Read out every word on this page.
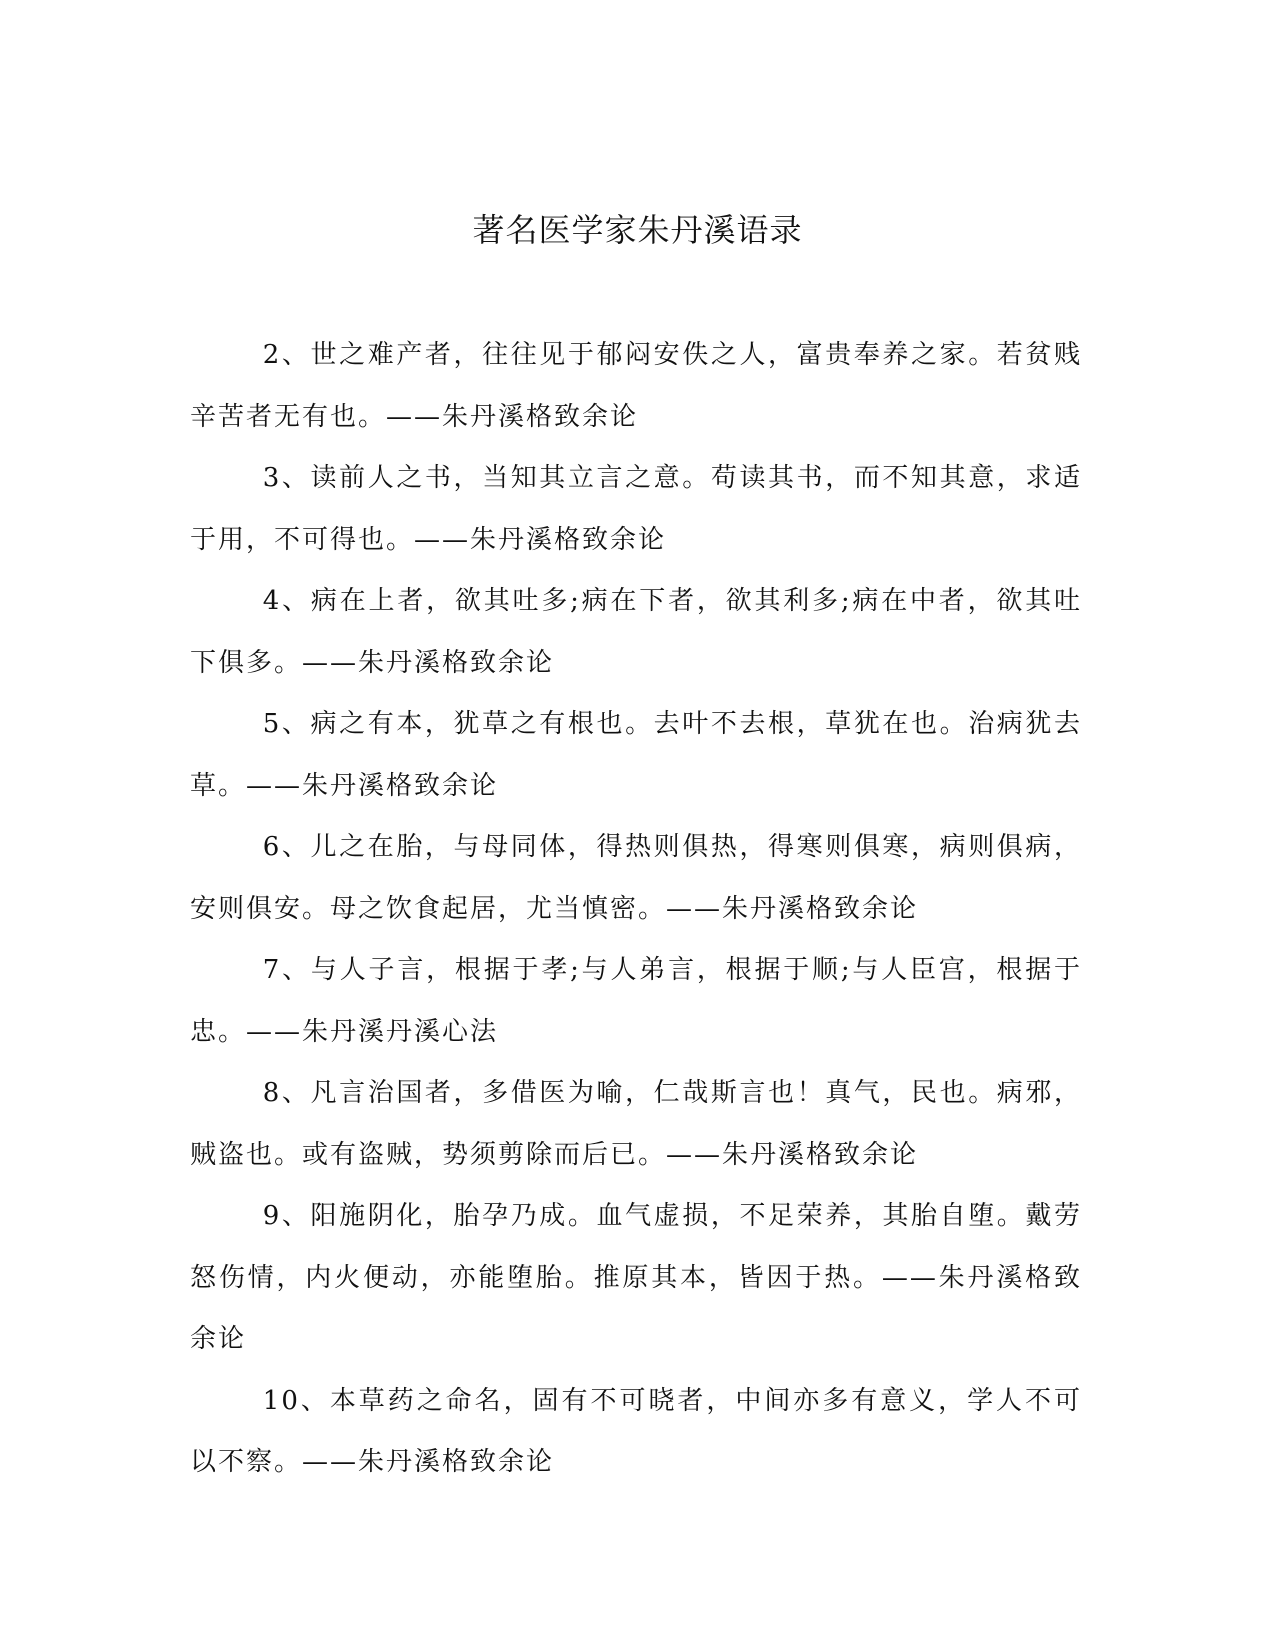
著名医学家朱丹溪语录

2、世之难产者，往往见于郁闷安佚之人，富贵奉养之家。若贫贱辛苦者无有也。——朱丹溪格致余论

3、读前人之书，当知其立言之意。苟读其书，而不知其意，求适于用，不可得也。——朱丹溪格致余论

4、病在上者，欲其吐多;病在下者，欲其利多;病在中者，欲其吐下俱多。——朱丹溪格致余论

5、病之有本，犹草之有根也。去叶不去根，草犹在也。治病犹去草。——朱丹溪格致余论

6、儿之在胎，与母同体，得热则俱热，得寒则俱寒，病则俱病，安则俱安。母之饮食起居，尤当慎密。——朱丹溪格致余论

7、与人子言，根据于孝;与人弟言，根据于顺;与人臣宫，根据于忠。——朱丹溪丹溪心法

8、凡言治国者，多借医为喻，仁哉斯言也！真气，民也。病邪，贼盗也。或有盗贼，势须剪除而后已。——朱丹溪格致余论

9、阳施阴化，胎孕乃成。血气虚损，不足荣养，其胎自堕。戴劳怒伤情，内火便动，亦能堕胎。推原其本，皆因于热。——朱丹溪格致余论

10、本草药之命名，固有不可晓者，中间亦多有意义，学人不可以不察。——朱丹溪格致余论
